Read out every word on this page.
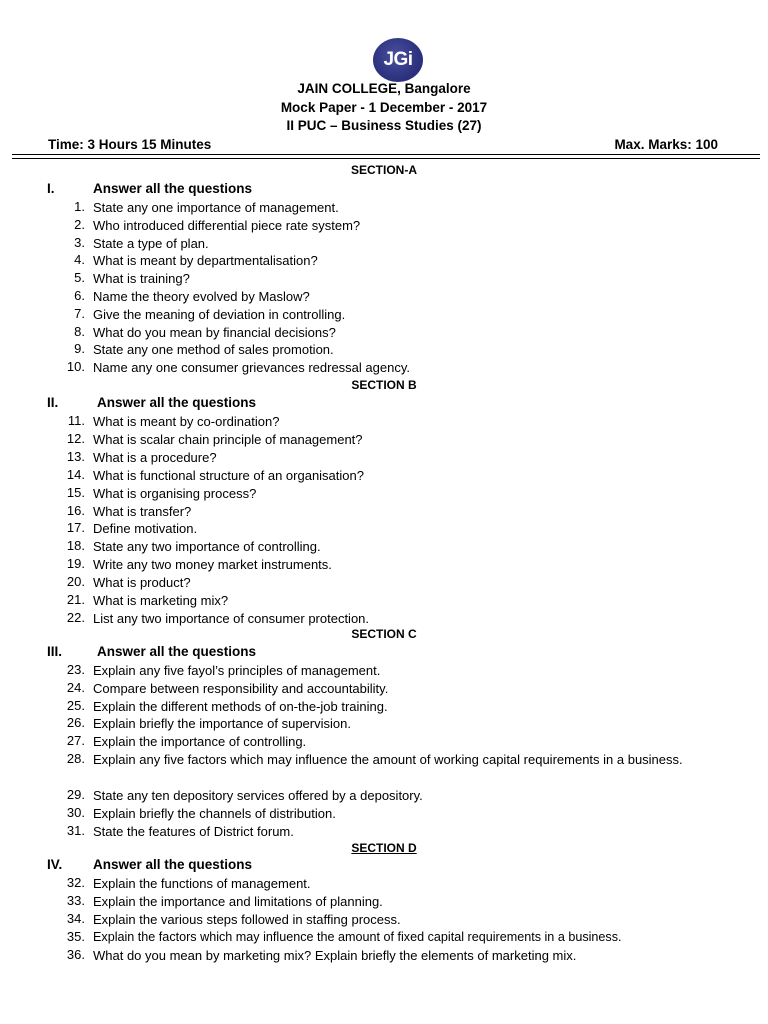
JGi
JAIN COLLEGE, Bangalore
Mock Paper - 1 December - 2017
II PUC – Business Studies (27)
Time: 3 Hours 15 Minutes	Max. Marks: 100
SECTION-A
I.	Answer all the questions
1. State any one importance of management.
2. Who introduced differential piece rate system?
3. State a type of plan.
4. What is meant by departmentalisation?
5. What is training?
6. Name the theory evolved by Maslow?
7. Give the meaning of deviation in controlling.
8. What do you mean by financial decisions?
9. State any one method of sales promotion.
10. Name any one consumer grievances redressal agency.
SECTION B
II.	Answer all the questions
11. What is meant by co-ordination?
12. What is scalar chain principle of management?
13. What is a procedure?
14. What is functional structure of an organisation?
15. What is organising process?
16. What is transfer?
17. Define motivation.
18. State any two importance of controlling.
19. Write any two money market instruments.
20. What is product?
21. What is marketing mix?
22. List any two importance of consumer protection.
SECTION C
III.	Answer all the questions
23. Explain any five fayol’s principles of management.
24. Compare between responsibility and accountability.
25. Explain the different methods of on-the-job training.
26. Explain briefly the importance of supervision.
27. Explain the importance of controlling.
28. Explain any five factors which may influence the amount of working capital requirements in a business.
29. State any ten depository services offered by a depository.
30. Explain briefly the channels of distribution.
31. State the features of District forum.
SECTION D
IV. Answer all the questions
32. Explain the functions of management.
33. Explain the importance and limitations of planning.
34. Explain the various steps followed in staffing process.
35. Explain the factors which may influence the amount of fixed capital requirements in a business.
36. What do you mean by marketing mix? Explain briefly the elements of marketing mix.
